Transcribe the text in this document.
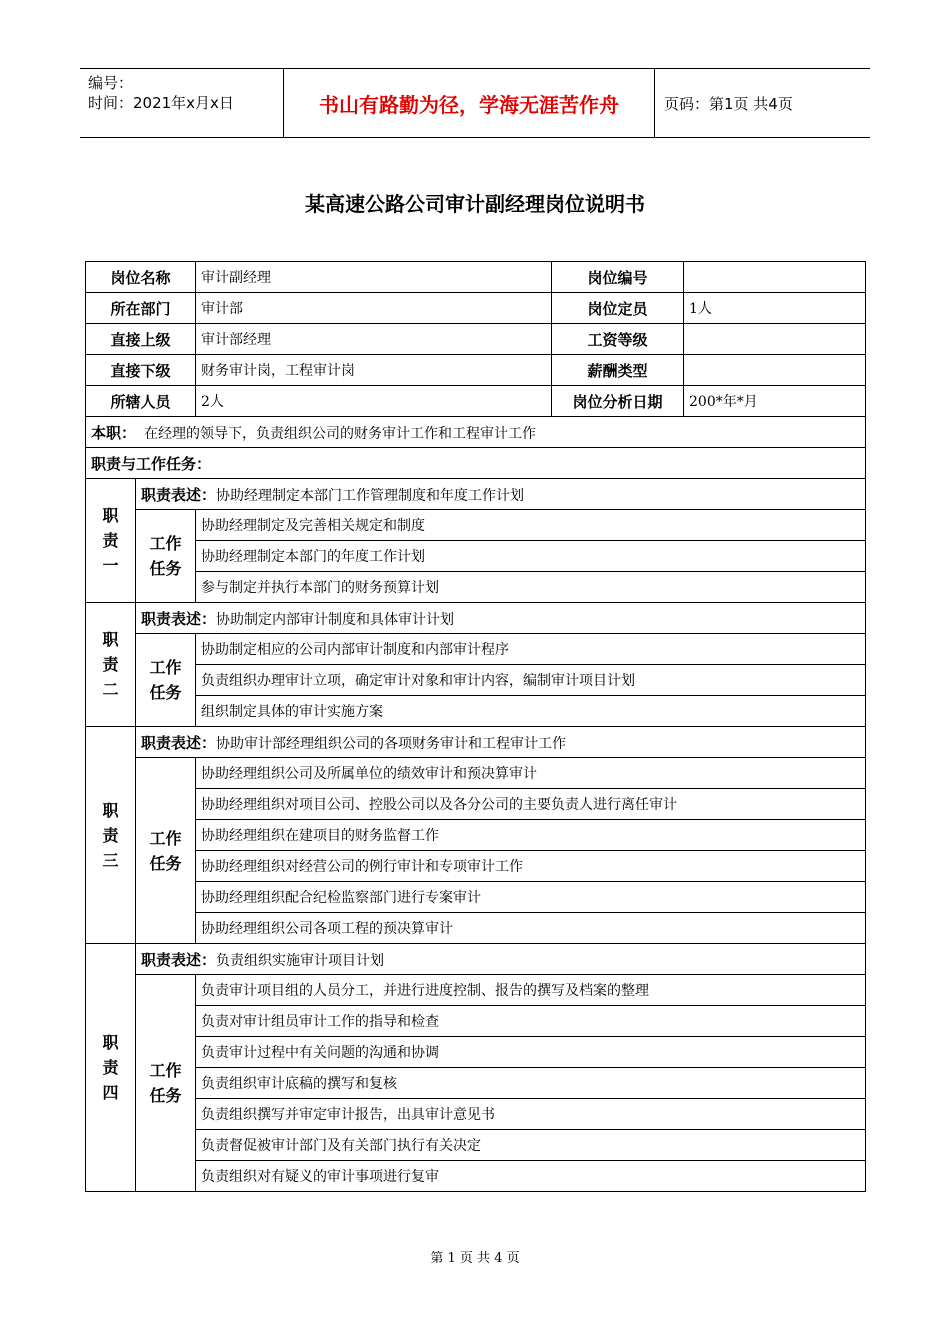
编号：
时间：2021年x月x日	书山有路勤为径，学海无涯苦作舟	页码：第1页 共4页
某高速公路公司审计副经理岗位说明书
岗位名称		审计副经理	岗位编号	
所在部门		审计部	岗位定员	1人
直接上级		审计部经理	工资等级	
直接下级		财务审计岗，工程审计岗	薪酬类型	
所辖人员		2人	岗位分析日期	200*年*月
本职： 在经理的领导下，负责组织公司的财务审计工作和工程审计工作				
职责与工作任务：				

职
责
一	职责表述：协助经理制定本部门工作管理制度和年度工作计划			

	工作
任务	协助经理制定及完善相关规定和制度		
		协助经理制定本部门的年度工作计划		
		参与制定并执行本部门的财务预算计划		

职
责
二	职责表述：协助制定内部审计制度和具体审计计划			

	工作
任务	协助制定相应的公司内部审计制度和内部审计程序		
		负责组织办理审计立项，确定审计对象和审计内容，编制审计项目计划		
		组织制定具体的审计实施方案		

职
责
三	职责表述：协助审计部经理组织公司的各项财务审计和工程审计工作			

	工作
任务	协助经理组织公司及所属单位的绩效审计和预决算审计		
		协助经理组织对项目公司、控股公司以及各分公司的主要负责人进行离任审计		
		协助经理组织在建项目的财务监督工作		
		协助经理组织对经营公司的例行审计和专项审计工作		
		协助经理组织配合纪检监察部门进行专案审计		
		协助经理组织公司各项工程的预决算审计		

职
责
四	职责表述：负责组织实施审计项目计划			

	工作
任务	负责审计项目组的人员分工，并进行进度控制、报告的撰写及档案的整理		
		负责对审计组员审计工作的指导和检查		
		负责审计过程中有关问题的沟通和协调		
		负责组织审计底稿的撰写和复核		
		负责组织撰写并审定审计报告，出具审计意见书		
		负责督促被审计部门及有关部门执行有关决定		
		负责组织对有疑义的审计事项进行复审		
第 1 页 共 4 页
